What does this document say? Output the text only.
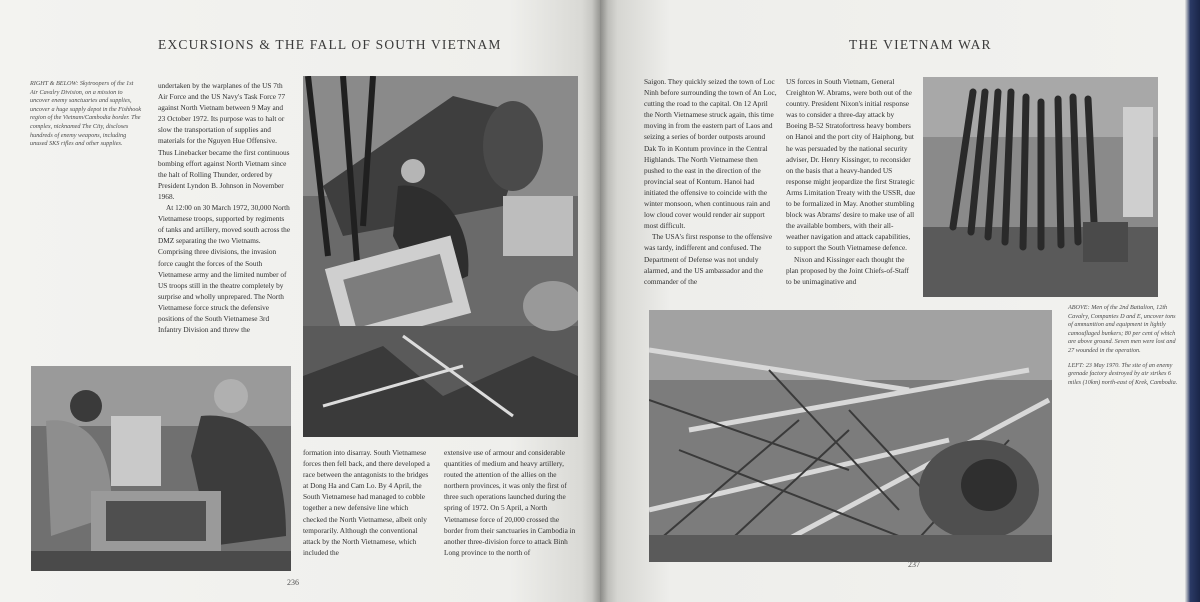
EXCURSIONS & THE FALL OF SOUTH VIETNAM

RIGHT & BELOW: Skytroopers of the 1st Air Cavalry Division, on a mission to uncover enemy sanctuaries and supplies, uncover a huge supply depot in the Fishhook region of the Vietnam/Cambodia border. The complex, nicknamed The City, discloses hundreds of enemy weapons, including unused SKS rifles and other supplies.

undertaken by the warplanes of the US 7th Air Force and the US Navy's Task Force 77 against North Vietnam between 9 May and 23 October 1972. Its purpose was to halt or slow the transportation of supplies and materials for the Nguyen Hue Offensive. Thus Linebacker became the first continuous bombing effort against North Vietnam since the halt of Rolling Thunder, ordered by President Lyndon B. Johnson in November 1968.

At 12:00 on 30 March 1972, 30,000 North Vietnamese troops, supported by regiments of tanks and artillery, moved south across the DMZ separating the two Vietnams. Comprising three divisions, the invasion force caught the forces of the South Vietnamese army and the limited number of US troops still in the theatre completely by surprise and wholly unprepared. The North Vietnamese force struck the defensive positions of the South Vietnamese 3rd Infantry Division and threw the

formation into disarray. South Vietnamese forces then fell back, and there developed a race between the antagonists to the bridges at Dong Ha and Cam Lo. By 4 April, the South Vietnamese had managed to cobble together a new defensive line which checked the North Vietnamese, albeit only temporarily. Although the conventional attack by the North Vietnamese, which included the

extensive use of armour and considerable quantities of medium and heavy artillery, routed the attention of the allies on the northern provinces, it was only the first of three such operations launched during the spring of 1972. On 5 April, a North Vietnamese force of 20,000 crossed the border from their sanctuaries in Cambodia in another three-division force to attack Binh Long province to the north of

236
THE VIETNAM WAR

Saigon. They quickly seized the town of Loc Ninh before surrounding the town of An Loc, cutting the road to the capital. On 12 April the North Vietnamese struck again, this time moving in from the eastern part of Laos and seizing a series of border outposts around Dak To in Kontum province in the Central Highlands. The North Vietnamese then pushed to the east in the direction of the provincial seat of Kontum. Hanoi had initiated the offensive to coincide with the winter monsoon, when continuous rain and low cloud cover would render air support most difficult.

The USA's first response to the offensive was tardy, indifferent and confused. The Department of Defense was not unduly alarmed, and the US ambassador and the commander of the

US forces in South Vietnam, General Creighton W. Abrams, were both out of the country. President Nixon's initial response was to consider a three-day attack by Boeing B-52 Stratofortress heavy bombers on Hanoi and the port city of Haiphong, but he was persuaded by the national security adviser, Dr. Henry Kissinger, to reconsider on the basis that a heavy-handed US response might jeopardize the first Strategic Arms Limitation Treaty with the USSR, due to be formalized in May. Another stumbling block was Abrams' desire to make use of all the available bombers, with their all-weather navigation and attack capabilities, to support the South Vietnamese defence.

Nixon and Kissinger each thought the plan proposed by the Joint Chiefs-of-Staff to be unimaginative and

ABOVE: Men of the 2nd Battalion, 12th Cavalry, Companies D and E, uncover tons of ammunition and equipment in lightly camouflaged bunkers; 80 per cent of which are above ground. Seven men were lost and 27 wounded in the operation.

LEFT: 23 May 1970. The site of an enemy grenade factory destroyed by air strikes 6 miles (10km) north-east of Krek, Cambodia.

237
